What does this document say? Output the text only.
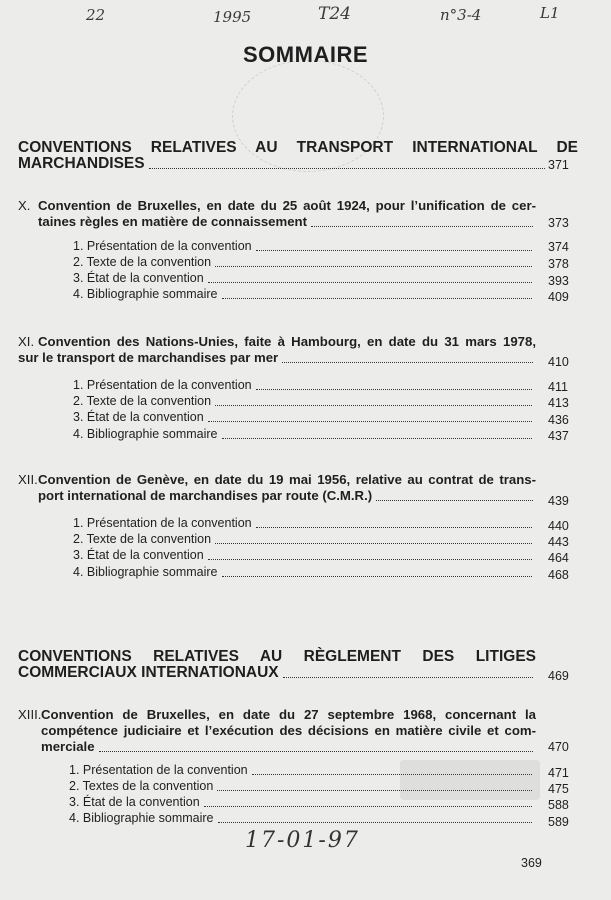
22	1995	T24	n°3-4	L1
SOMMAIRE
CONVENTIONS RELATIVES AU TRANSPORT INTERNATIONAL DE
MARCHANDISES	371
X. Convention de Bruxelles, en date du 25 août 1924, pour l’unification de cer-
taines règles en matière de connaissement	373
1. Présentation de la convention	374
2. Texte de la convention	378
3. État de la convention	393
4. Bibliographie sommaire	409
XI. Convention des Nations-Unies, faite à Hambourg, en date du 31 mars 1978,
sur le transport de marchandises par mer	410
1. Présentation de la convention	411
2. Texte de la convention	413
3. État de la convention	436
4. Bibliographie sommaire	437
XII. Convention de Genève, en date du 19 mai 1956, relative au contrat de trans-
port international de marchandises par route (C.M.R.)	439
1. Présentation de la convention	440
2. Texte de la convention	443
3. État de la convention	464
4. Bibliographie sommaire	468
CONVENTIONS RELATIVES AU RÈGLEMENT DES LITIGES
COMMERCIAUX INTERNATIONAUX	469
XIII. Convention de Bruxelles, en date du 27 septembre 1968, concernant la
compétence judiciaire et l’exécution des décisions en matière civile et com-
merciale	470
1. Présentation de la convention	471
2. Textes de la convention	475
3. État de la convention	588
4. Bibliographie sommaire	589
17-01-97
369
